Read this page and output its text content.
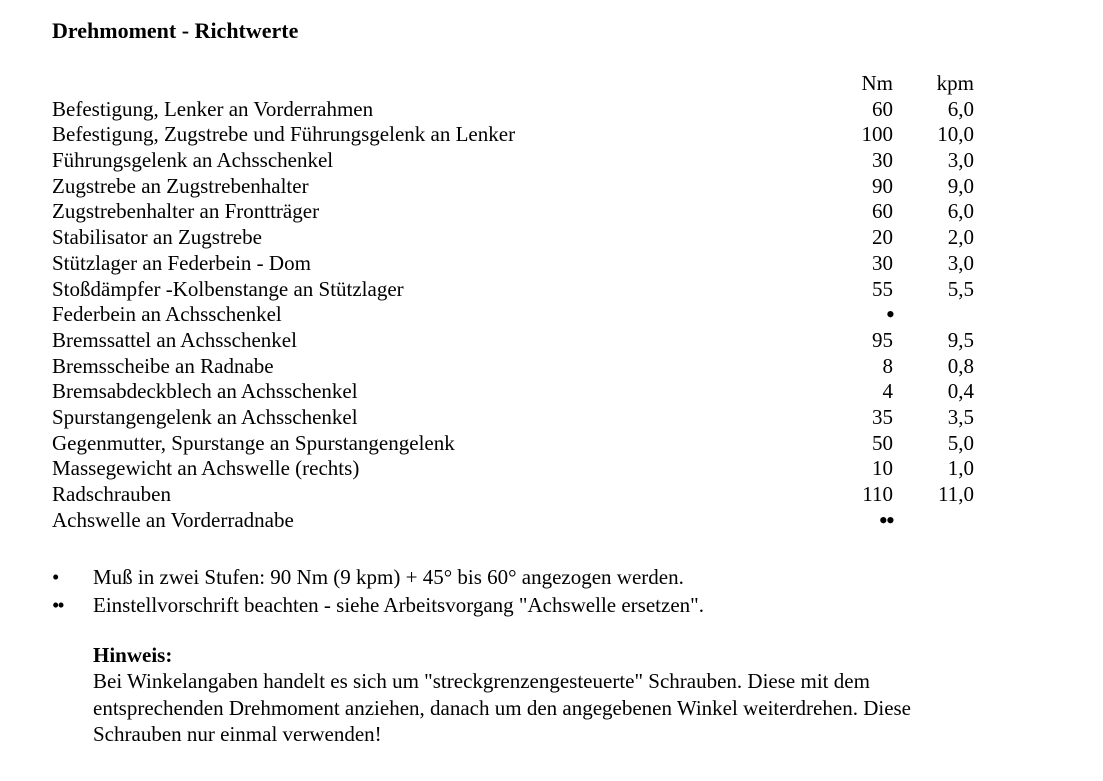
Drehmoment - Richtwerte
Nm kpm
Befestigung, Lenker an Vorderrahmen	60	6,0
Befestigung, Zugstrebe und Führungsgelenk an Lenker	100 10,0
Führungsgelenk an Achsschenkel	30	3,0
Zugstrebe an Zugstrebenhalter	90	9,0
Zugstrebenhalter an Frontträger	60	6,0
Stabilisator an Zugstrebe	20	2,0
Stützlager an Federbein - Dom	30	3,0
Stoßdämpfer -Kolbenstange an Stützlager	55	5,5
Federbein an Achsschenkel	•
Bremssattel an Achsschenkel	95	9,5
Bremsscheibe an Radnabe	8	0,8
Bremsabdeckblech an Achsschenkel	4	0,4
Spurstangengelenk an Achsschenkel	35	3,5
Gegenmutter, Spurstange an Spurstangengelenk	50	5,0
Massegewicht an Achswelle (rechts)	10	1,0
Radschrauben	110 11,0
Achswelle an Vorderradnabe	••
• Muß in zwei Stufen: 90 Nm (9 kpm) + 45° bis 60° angezogen werden.
•• Einstellvorschrift beachten - siehe Arbeitsvorgang "Achswelle ersetzen".
Hinweis:
Bei Winkelangaben handelt es sich um "streckgrenzengesteuerte" Schrauben. Diese mit dem
entsprechenden Drehmoment anziehen, danach um den angegebenen Winkel weiterdrehen. Diese
Schrauben nur einmal verwenden!
